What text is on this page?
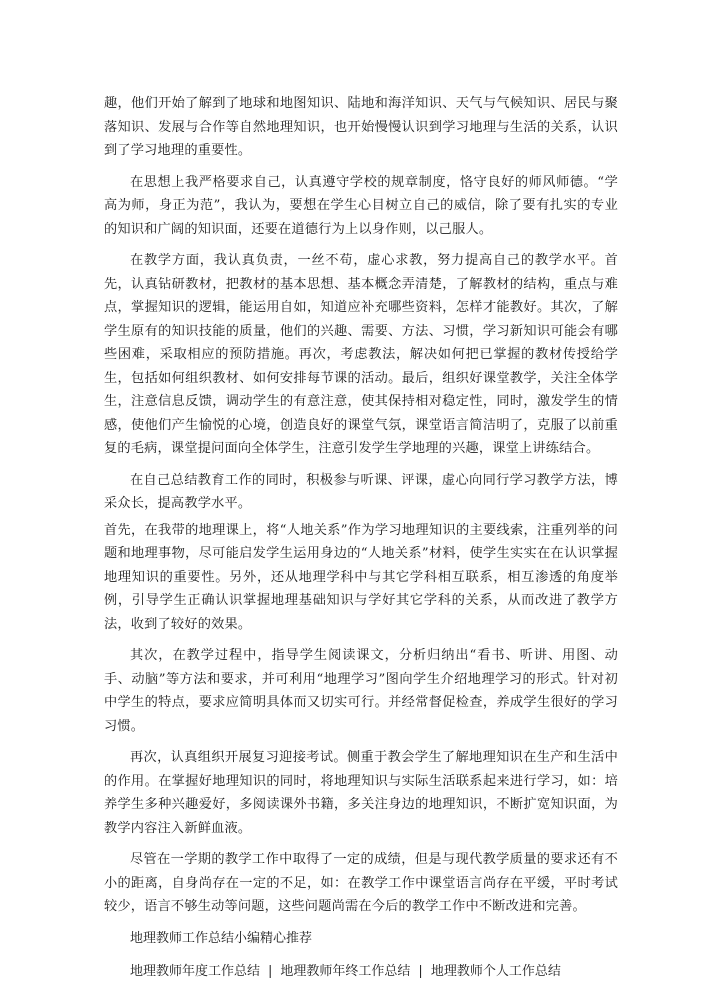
趣，他们开始了解到了地球和地图知识、陆地和海洋知识、天气与气候知识、居民与聚落知识、发展与合作等自然地理知识，也开始慢慢认识到学习地理与生活的关系，认识到了学习地理的重要性。

在思想上我严格要求自己，认真遵守学校的规章制度，恪守良好的师风师德。“学高为师，身正为范”，我认为，要想在学生心目树立自己的威信，除了要有扎实的专业的知识和广阔的知识面，还要在道德行为上以身作则，以己服人。

在教学方面，我认真负责，一丝不苟，虚心求教，努力提高自己的教学水平。首先，认真钻研教材，把教材的基本思想、基本概念弄清楚，了解教材的结构，重点与难点，掌握知识的逻辑，能运用自如，知道应补充哪些资料，怎样才能教好。其次，了解学生原有的知识技能的质量，他们的兴趣、需要、方法、习惯，学习新知识可能会有哪些困难，采取相应的预防措施。再次，考虑教法，解决如何把已掌握的教材传授给学生，包括如何组织教材、如何安排每节课的活动。最后，组织好课堂教学，关注全体学生，注意信息反馈，调动学生的有意注意，使其保持相对稳定性，同时，激发学生的情感，使他们产生愉悦的心境，创造良好的课堂气氛，课堂语言简洁明了，克服了以前重复的毛病，课堂提问面向全体学生，注意引发学生学地理的兴趣，课堂上讲练结合。

在自己总结教育工作的同时，积极参与听课、评课，虚心向同行学习教学方法，博采众长，提高教学水平。

首先，在我带的地理课上，将“人地关系”作为学习地理知识的主要线索，注重列举的问题和地理事物，尽可能启发学生运用身边的“人地关系”材料，使学生实实在在认识掌握地理知识的重要性。另外，还从地理学科中与其它学科相互联系，相互渗透的角度举例，引导学生正确认识掌握地理基础知识与学好其它学科的关系，从而改进了教学方法，收到了较好的效果。

其次，在教学过程中，指导学生阅读课文，分析归纳出“看书、听讲、用图、动手、动脑”等方法和要求，并可利用“地理学习”图向学生介绍地理学习的形式。针对初中学生的特点，要求应简明具体而又切实可行。并经常督促检查，养成学生很好的学习习惯。

再次，认真组织开展复习迎接考试。侧重于教会学生了解地理知识在生产和生活中的作用。在掌握好地理知识的同时，将地理知识与实际生活联系起来进行学习，如：培养学生多种兴趣爱好，多阅读课外书籍，多关注身边的地理知识，不断扩宽知识面，为教学内容注入新鲜血液。

尽管在一学期的教学工作中取得了一定的成绩，但是与现代教学质量的要求还有不小的距离，自身尚存在一定的不足，如：在教学工作中课堂语言尚存在平缓，平时考试较少，语言不够生动等问题，这些问题尚需在今后的教学工作中不断改进和完善。

地理教师工作总结小编精心推荐

地理教师年度工作总结 | 地理教师年终工作总结 | 地理教师个人工作总结
